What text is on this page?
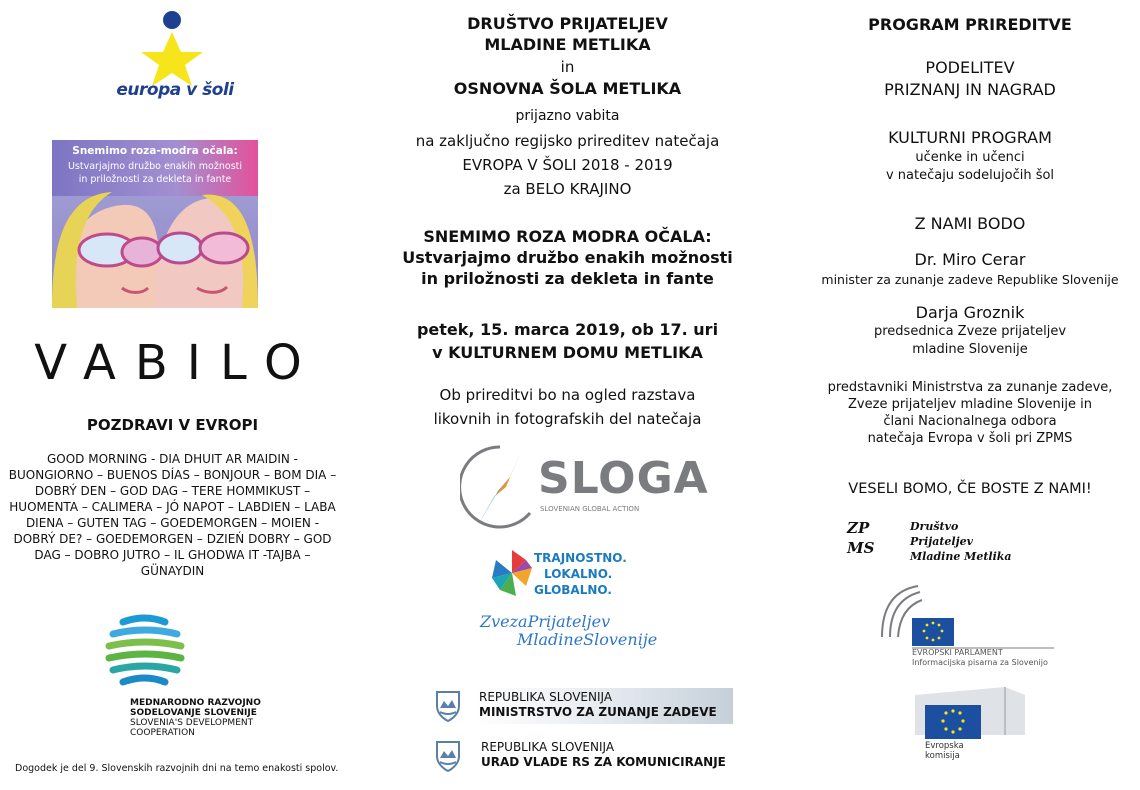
europa v šoli
Snemimo roza-modra očala:
Ustvarjajmo družbo enakih možnosti
in priložnosti za dekleta in fante
VABILO
POZDRAVI V EVROPI
GOOD MORNING - DIA DHUIT AR MAIDIN -
BUONGIORNO – BUENOS DÍAS – BONJOUR – BOM DIA –
DOBRÝ DEN – GOD DAG – TERE HOMMIKUST –
HUOMENTA – CALIMERA – JÓ NAPOT – LABDIEN – LABA
DIENA – GUTEN TAG – GOEDEMORGEN – MOIEN -
DOBRÝ DE? – GOEDEMORGEN – DZIEŃ DOBRY – GOD
DAG – DOBRO JUTRO – IL GHODWA IT -TAJBA –
GÜNAYDIN
MEDNARODNO RAZVOJNO
SODELOVANJE SLOVENIJE
SLOVENIA'S DEVELOPMENT
COOPERATION
Dogodek je del 9. Slovenskih razvojnih dni na temo enakosti spolov.
DRUŠTVO PRIJATELJEV
MLADINE METLIKA
in
OSNOVNA ŠOLA METLIKA
prijazno vabita
na zaključno regijsko prireditev natečaja
EVROPA V ŠOLI 2018 - 2019
za BELO KRAJINO
SNEMIMO ROZA MODRA OČALA:
Ustvarjajmo družbo enakih možnosti
in priložnosti za dekleta in fante
petek, 15. marca 2019, ob 17. uri
v KULTURNEM DOMU METLIKA
Ob prireditvi bo na ogled razstava
likovnih in fotografskih del natečaja
SLOGA
SLOVENIAN GLOBAL ACTION
TRAJNOSTNO.
LOKALNO.
GLOBALNO.
ZvezaPrijateljev
MladineSlovenije
REPUBLIKA SLOVENIJA
MINISTRSTVO ZA ZUNANJE ZADEVE
REPUBLIKA SLOVENIJA
URAD VLADE RS ZA KOMUNICIRANJE
PROGRAM PRIREDITVE
PODELITEV
PRIZNANJ IN NAGRAD
KULTURNI PROGRAM
učenke in učenci
v natečaju sodelujočih šol
Z NAMI BODO
Dr. Miro Cerar
minister za zunanje zadeve Republike Slovenije
Darja Groznik
predsednica Zveze prijateljev
mladine Slovenije
predstavniki Ministrstva za zunanje zadeve,
Zveze prijateljev mladine Slovenije in
člani Nacionalnega odbora
natečaja Evropa v šoli pri ZPMS
VESELI BOMO, ČE BOSTE Z NAMI!
ZP
MS
Društvo
Prijateljev
Mladine Metlika
EVROPSKI PARLAMENT
Informacijska pisarna za Slovenijo
Evropska
komisija
